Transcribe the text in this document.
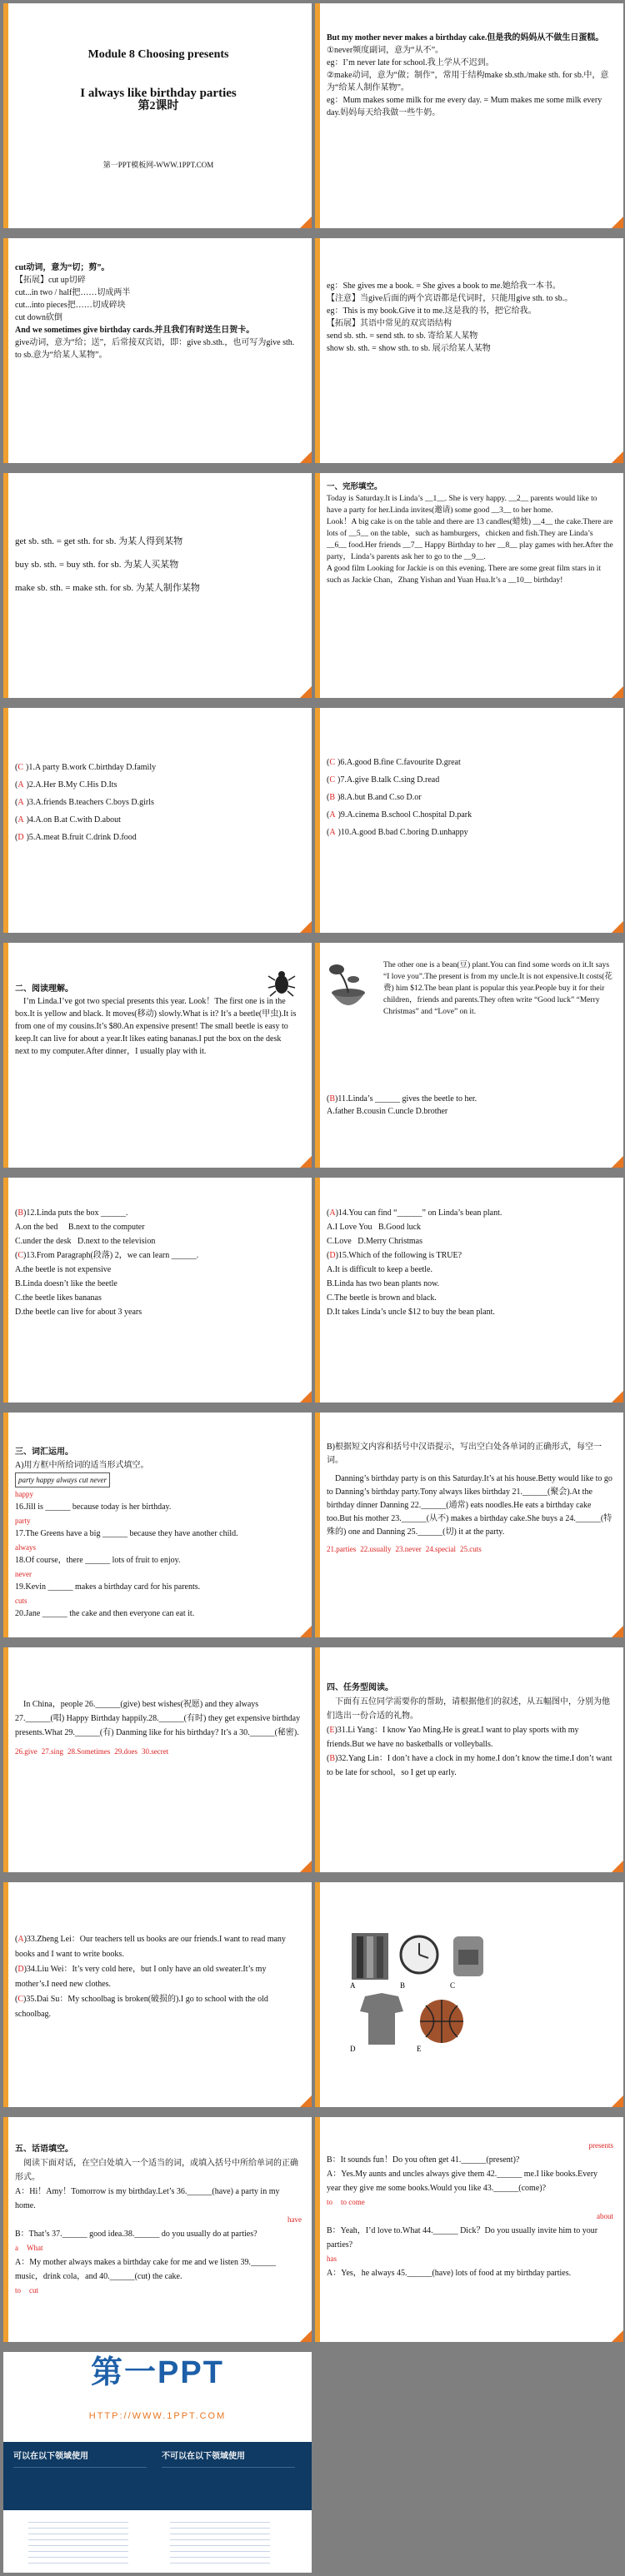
Module 8 Choosing presents
I always like birthday parties
第2课时
第一PPT模板网-WWW.1PPT.COM
But my mother never makes a birthday cake.但是我的妈妈从不做生日蛋糕。
①never频度副词，意为“从不”。
eg：I’m never late for school.我上学从不迟到。
②make动词，意为“做；制作”，常用于结构make sb.sth./make sth. for sb.中，意为“给某人制作某物”。
eg：Mum makes some milk for me every day. = Mum makes me some milk every day.妈妈每天给我做一些牛奶。
cut动词，意为“切；剪”。
【拓展】cut up切碎
cut...in two / half把……切成两半
cut...into pieces把……切成碎块
cut down砍倒
And we sometimes give birthday cards.并且我们有时送生日贺卡。
give动词，意为“给；送”，后常接双宾语，即：give sb.sth.，也可写为give sth. to sb.意为“给某人某物”。
eg：She gives me a book. = She gives a book to me.她给我一本书。
【注意】当give后面的两个宾语都是代词时，只能用give sth. to sb.。
eg：This is my book.Give it to me.这是我的书，把它给我。
【拓展】其语中常见的双宾语结构
send sb. sth. = send sth. to sb. 寄给某人某物
show sb. sth. = show sth. to sb. 展示给某人某物
get sb. sth. = get sth. for sb. 为某人得到某物
buy sb. sth. = buy sth. for sb. 为某人买某物
make sb. sth. = make sth. for sb. 为某人制作某物
一、完形填空。
Today is Saturday.It is Linda’s __1__. She is very happy. __2__ parents would like to have a party for her.Linda invites(邀请) some good __3__ to her home.
Look！A big cake is on the table and there are 13 candles(蜡烛) __4__ the cake.There are lots of __5__ on the table，such as hamburgers，chicken and fish.They are Linda’s __6__ food.Her friends __7__ Happy Birthday to her __8__ play games with her.After the party，Linda’s parents ask her to go to the __9__.
A good film Looking for Jackie is on this evening. There are some great film stars in it such as Jackie Chan，Zhang Yishan and Yuan Hua.It’s a __10__ birthday!
(C )1.A party B.work C.birthday D.family
(A )2.A.Her B.My C.His D.Its
(A )3.A.friends B.teachers C.boys D.girls
(A )4.A.on B.at C.with D.about
(D )5.A.meat B.fruit C.drink D.food
(C )6.A.good B.fine C.favourite D.great
(C )7.A.give B.talk C.sing D.read
(B )8.A.but B.and C.so D.or
(A )9.A.cinema B.school C.hospital D.park
(A )10.A.good B.bad C.boring D.unhappy
二、阅读理解。
I’m Linda.I’ve got two special presents this year. Look！The first one is in the box.It is yellow and black. It moves(移动) slowly.What is it? It’s a beetle(甲虫).It is from one of my cousins.It’s $80.An expensive present! The small beetle is easy to keep.It can live for about a year.It likes eating bananas.I put the box on the desk next to my computer.After dinner，I usually play with it.
The other one is a bean(豆) plant.You can find some words on it.It says “I love you”.The present is from my uncle.It is not expensive.It costs(花费) him $12.The bean plant is popular this year.People buy it for their children，friends and parents.They often write “Good luck” “Merry Christmas” and “Love” on it.
(B)11.Linda’s ______ gives the beetle to her.
A.father B.cousin C.uncle D.brother
(B)12.Linda puts the box ______.
A.on the bed B.next to the computer
C.under the desk D.next to the television
(C)13.From Paragraph(段落) 2，we can learn ______.
A.the beetle is not expensive
B.Linda doesn’t like the beetle
C.the beetle likes bananas
D.the beetle can live for about 3 years
(A)14.You can find “______” on Linda’s bean plant.
A.I Love You B.Good luck
C.Love D.Merry Christmas
(D)15.Which of the following is TRUE?
A.It is difficult to keep a beetle.
B.Linda has two bean plants now.
C.The beetle is brown and black.
D.It takes Linda’s uncle $12 to buy the bean plant.
三、词汇运用。
A)用方框中所给词的适当形式填空。
party happy always cut never
happy
16.Jill is ______ because today is her birthday.
party
17.The Greens have a big ______ because they have another child.
always
18.Of course，there ______ lots of fruit to enjoy.
never
19.Kevin ______ makes a birthday card for his parents.
cuts
20.Jane ______ the cake and then everyone can eat it.
B)根据短文内容和括号中汉语提示，写出空白处各单词的正确形式，每空一词。
Danning’s birthday party is on this Saturday.It’s at his house.Betty would like to go to Danning’s birthday party.Tony always likes birthday 21.______(聚会).At the birthday dinner Danning 22.______(通常) eats noodles.He eats a birthday cake too.But his mother 23.______(从不) makes a birthday cake.She buys a 24.______(特殊的) one and Danning 25.______(切) it at the party.
21.parties 22.usually 23.never 24.special 25.cuts
In China，people 26.______(give) best wishes(祝愿) and they always 27.______(唱) Happy Birthday happily.28.______(有时) they get expensive birthday presents.What 29.______(有) Danming like for his birthday? It’s a 30.______(秘密).
26.give 27.sing 28.Sometimes 29.does 30.secret
四、任务型阅读。
下面有五位同学需要你的帮助，请根据他们的叙述，从五幅图中，分别为他们选出一份合适的礼物。
(E)31.Li Yang：I know Yao Ming.He is great.I want to play sports with my friends.But we have no basketballs or volleyballs.
(B)32.Yang Lin：I don’t have a clock in my home.I don’t know the time.I don’t want to be late for school，so I get up early.
(A)33.Zheng Lei：Our teachers tell us books are our friends.I want to read many books and I want to write books.
(D)34.Liu Wei：It’s very cold here，but I only have an old sweater.It’s my mother’s.I need new clothes.
(C)35.Dai Su：My schoolbag is broken(破损的).I go to school with the old schoolbag.
A	B	C
D	E
五、话语填空。
阅读下面对话，在空白处填入一个适当的词，或填入括号中所给单词的正确形式。
A：Hi！Amy！Tomorrow is my birthday.Let’s 36.______(have) a party in my home.
have
B：That’s 37.______ good idea.38.______ do you usually do at parties?
a What
A：My mother always makes a birthday cake for me and we listen 39.______ music，drink cola，and 40.______(cut) the cake.
to cut
presents
B：It sounds fun！Do you often get 41.______(present)?
A：Yes.My aunts and uncles always give them 42.______ me.I like books.Every year they give me some books.Would you like 43.______(come)?
to to come
about
B：Yeah，I’d love to.What 44.______ Dick？Do you usually invite him to your parties?
has
A：Yes，he always 45.______(have) lots of food at my birthday parties.
第一PPT
HTTP://WWW.1PPT.COM
可以在以下领域使用	不可以在以下领域使用
